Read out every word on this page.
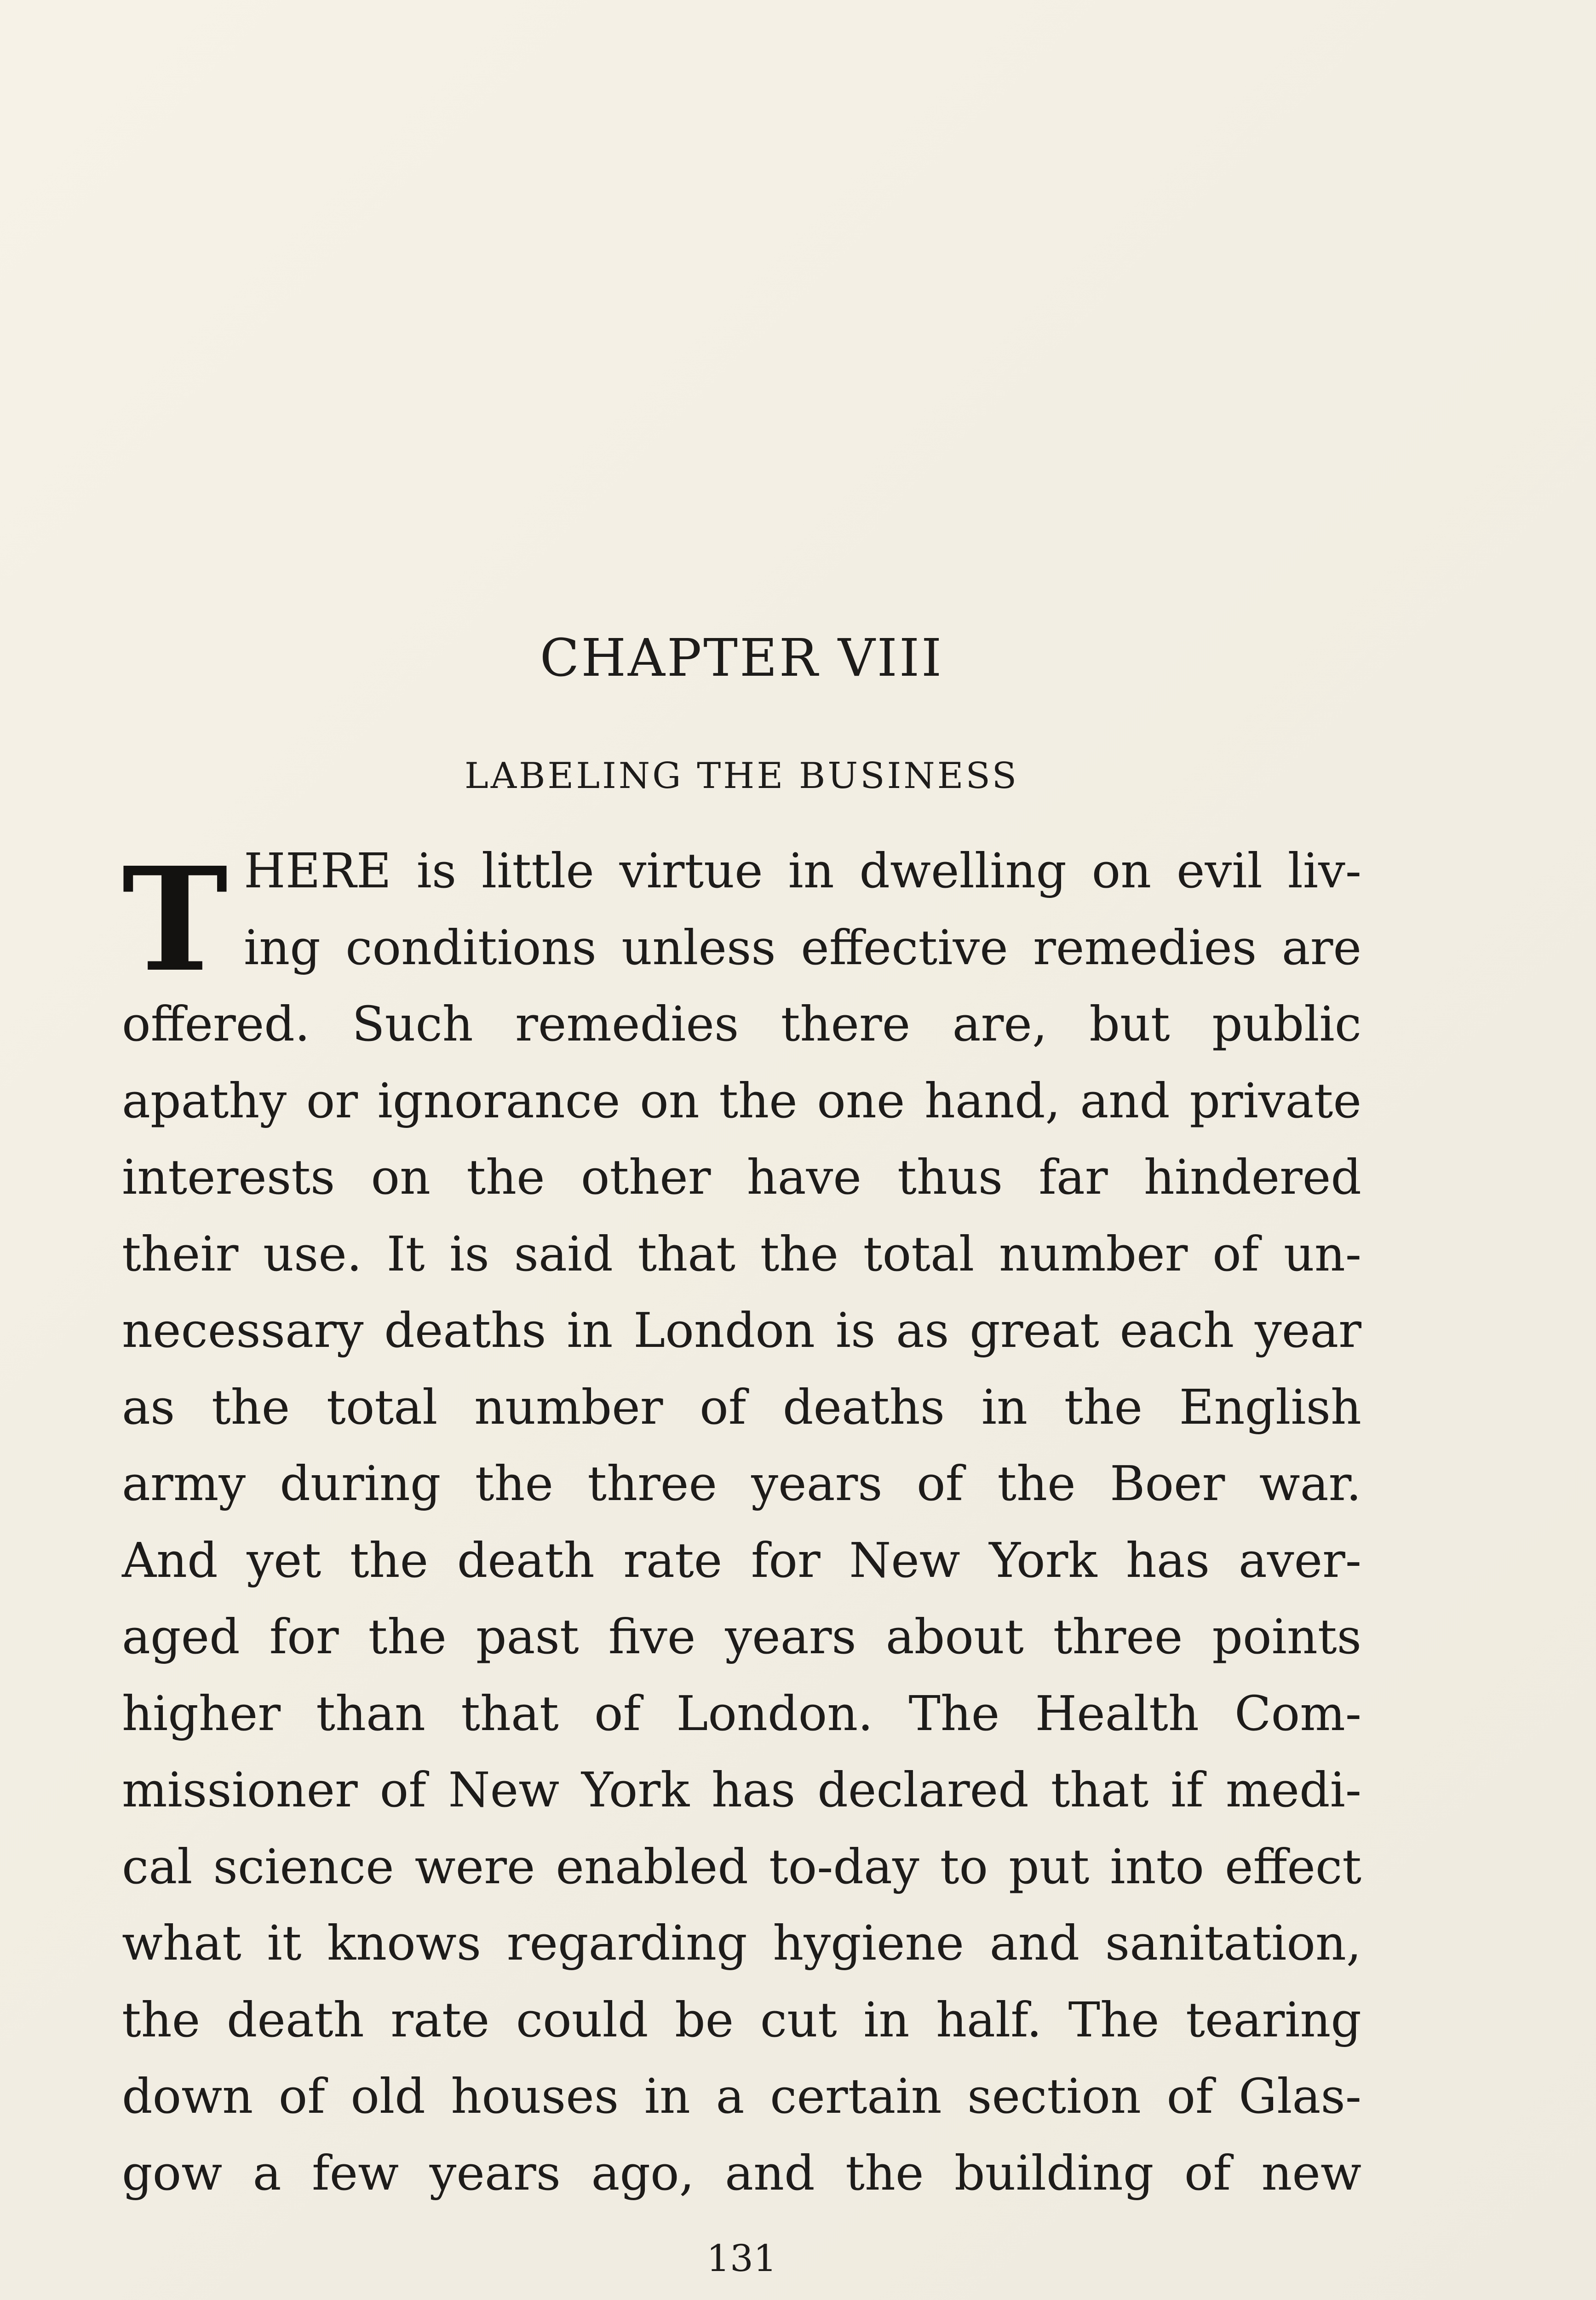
CHAPTER VIII
LABELING THE BUSINESS
T HERE is little virtue in dwelling on evil liv-
ing conditions unless effective remedies are
offered. Such remedies there are, but public
apathy or ignorance on the one hand, and private
interests on the other have thus far hindered
their use. It is said that the total number of un-
necessary deaths in London is as great each year
as the total number of deaths in the English
army during the three years of the Boer war.
And yet the death rate for New York has aver-
aged for the past five years about three points
higher than that of London. The Health Com-
missioner of New York has declared that if medi-
cal science were enabled to-day to put into effect
what it knows regarding hygiene and sanitation,
the death rate could be cut in half. The tearing
down of old houses in a certain section of Glas-
gow a few years ago, and the building of new
131
